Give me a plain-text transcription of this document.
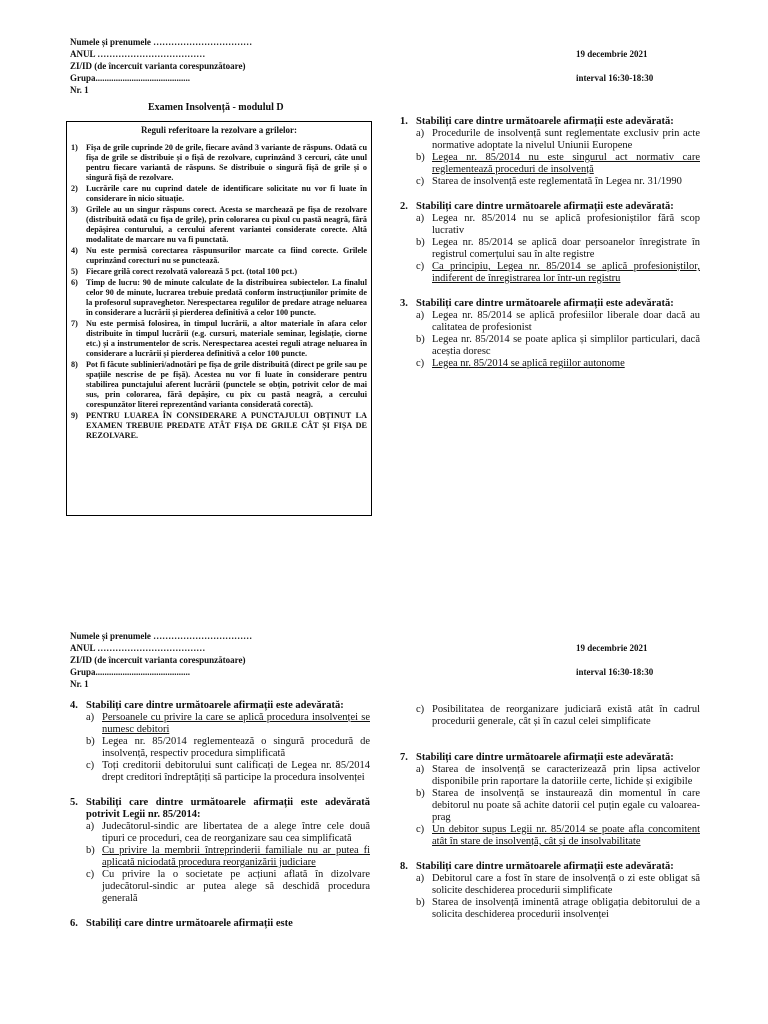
Numele și prenumele ……………………………
ANUL ………………………………
ZI/ID (de încercuit varianta corespunzătoare)
Grupa..........................................
Nr. 1
19 decembrie 2021
interval 16:30-18:30
Examen Insolvență - modulul D
Reguli referitoare la rezolvare a grilelor:
1) Fișa de grile cuprinde 20 de grile, fiecare având 3 variante de răspuns. Odată cu fișa de grile se distribuie și o fișă de rezolvare, cuprinzând 3 cercuri, câte unul pentru fiecare variantă de răspuns. Se distribuie o singură fișă de grile și o singură fișă de rezolvare.
2) Lucrările care nu cuprind datele de identificare solicitate nu vor fi luate în considerare în nicio situație.
3) Grilele au un singur răspuns corect. Acesta se marchează pe fișa de rezolvare (distribuită odată cu fișa de grile), prin colorarea cu pixul cu pastă neagră, fără depășirea conturului, a cercului aferent variantei considerate corecte. Altă modalitate de marcare nu va fi punctată.
4) Nu este permisă corectarea răspunsurilor marcate ca fiind corecte. Grilele cuprinzând corecturi nu se punctează.
5) Fiecare grilă corect rezolvată valorează 5 pct. (total 100 pct.)
6) Timp de lucru: 90 de minute calculate de la distribuirea subiectelor. La finalul celor 90 de minute, lucrarea trebuie predată conform instrucțiunilor primite de la profesorul supraveghetor. Nerespectarea regulilor de predare atrage neluarea în considerare a lucrării și pierderea definitivă a celor 100 puncte.
7) Nu este permisă folosirea, în timpul lucrării, a altor materiale în afara celor distribuite în timpul lucrării (e.g. cursuri, materiale seminar, legislație, ciorne etc.) și a instrumentelor de scris. Nerespectarea acestei reguli atrage neluarea în considerare a lucrării și pierderea definitivă a celor 100 puncte.
8) Pot fi făcute sublinieri/adnotări pe fișa de grile distribuită (direct pe grile sau pe spațiile nescrise de pe fișă). Acestea nu vor fi luate în considerare pentru stabilirea punctajului aferent lucrării (punctele se obțin, potrivit celor de mai sus, prin colorarea, fără depășire, cu pix cu pastă neagră, a cercului corespunzător literei reprezentând varianta considerată corectă).
9) PENTRU LUAREA ÎN CONSIDERARE A PUNCTAJULUI OBȚINUT LA EXAMEN TREBUIE PREDATE ATÂT FIȘA DE GRILE CÂT ȘI FIȘA DE REZOLVARE.
1. Stabiliți care dintre următoarele afirmații este adevărată:
a) Procedurile de insolvență sunt reglementate exclusiv prin acte normative adoptate la nivelul Uniunii Europene
b) Legea nr. 85/2014 nu este singurul act normativ care reglementează proceduri de insolvență
c) Starea de insolvență este reglementată în Legea nr. 31/1990
2. Stabiliți care dintre următoarele afirmații este adevărată:
a) Legea nr. 85/2014 nu se aplică profesioniștilor fără scop lucrativ
b) Legea nr. 85/2014 se aplică doar persoanelor înregistrate în registrul comerțului sau în alte registre
c) Ca principiu, Legea nr. 85/2014 se aplică profesioniștilor, indiferent de înregistrarea lor într-un registru
3. Stabiliți care dintre următoarele afirmații este adevărată:
a) Legea nr. 85/2014 se aplică profesiilor liberale doar dacă au calitatea de profesionist
b) Legea nr. 85/2014 se poate aplica și simplilor particulari, dacă aceștia doresc
c) Legea nr. 85/2014 se aplică regiilor autonome
Numele și prenumele ……………………………
ANUL ………………………………
ZI/ID (de încercuit varianta corespunzătoare)
Grupa..........................................
Nr. 1
19 decembrie 2021
interval 16:30-18:30
4. Stabiliți care dintre următoarele afirmații este adevărată:
a) Persoanele cu privire la care se aplică procedura insolvenței se numesc debitori
b) Legea nr. 85/2014 reglementează o singură procedură de insolvență, respectiv procedura simplificată
c) Toți creditorii debitorului sunt calificați de Legea nr. 85/2014 drept creditori îndreptățiți să participe la procedura insolvenței
5. Stabiliți care dintre următoarele afirmații este adevărată potrivit Legii nr. 85/2014:
a) Judecătorul-sindic are libertatea de a alege între cele două tipuri ce proceduri, cea de reorganizare sau cea simplificată
b) Cu privire la membrii întreprinderii familiale nu ar putea fi aplicată niciodată procedura reorganizării judiciare
c) Cu privire la o societate pe acțiuni aflată în dizolvare judecătorul-sindic ar putea alege să deschidă procedura generală
6. Stabiliți care dintre următoarele afirmații este
c) Posibilitatea de reorganizare judiciară există atât în cadrul procedurii generale, cât și în cazul celei simplificate
7. Stabiliți care dintre următoarele afirmații este adevărată:
a) Starea de insolvență se caracterizează prin lipsa activelor disponibile prin raportare la datoriile certe, lichide și exigibile
b) Starea de insolvență se instaurează din momentul în care debitorul nu poate să achite datorii cel puțin egale cu valoarea-prag
c) Un debitor supus Legii nr. 85/2014 se poate afla concomitent atât în stare de insolvență, cât și de insolvabilitate
8. Stabiliți care dintre următoarele afirmații este adevărată:
a) Debitorul care a fost în stare de insolvență o zi este obligat să solicite deschiderea procedurii simplificate
b) Starea de insolvență iminentă atrage obligația debitorului de a solicita deschiderea procedurii insolvenței
